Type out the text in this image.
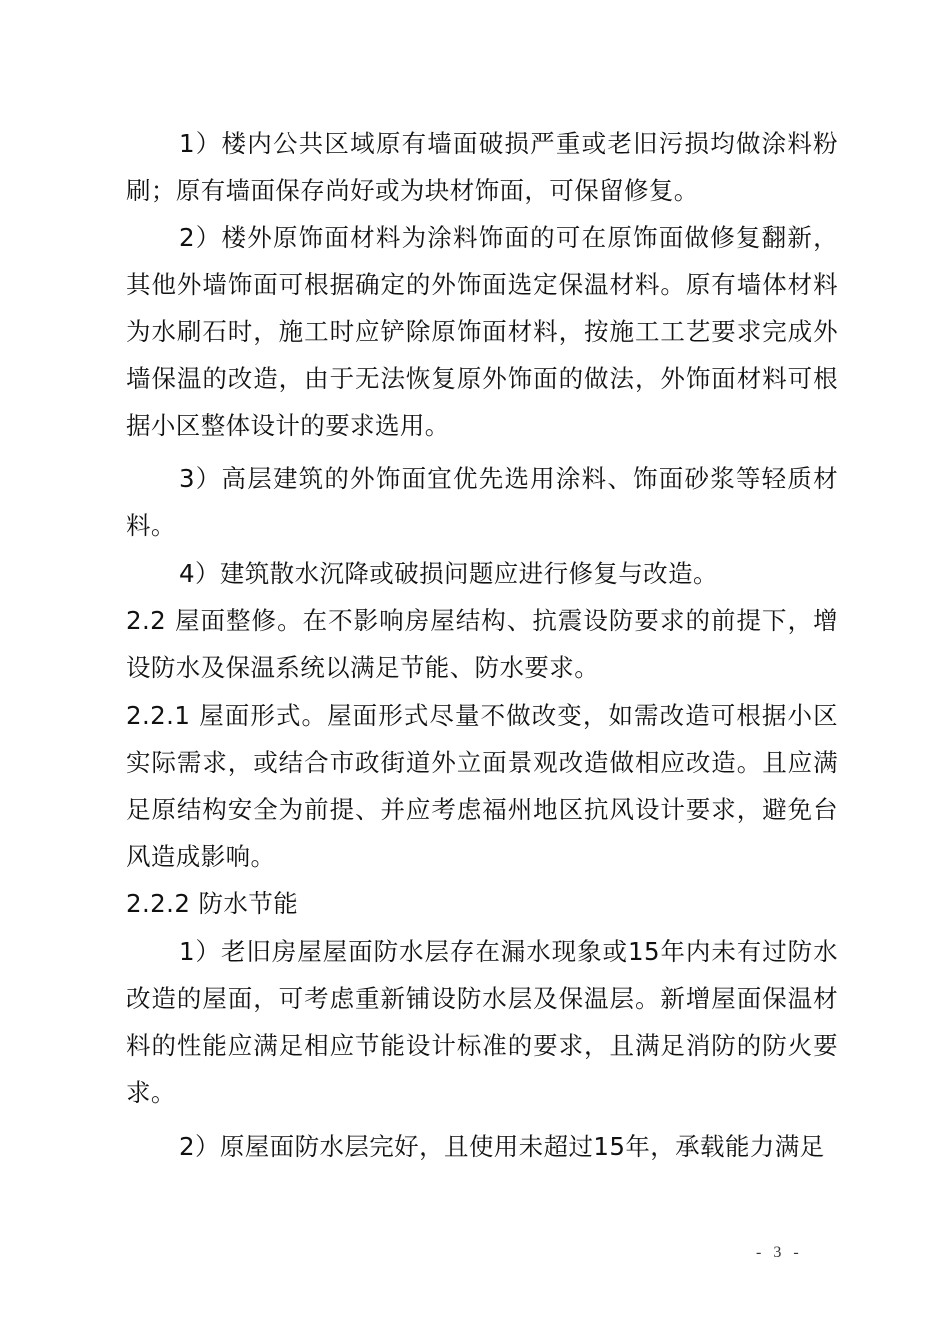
1）楼内公共区域原有墙面破损严重或老旧污损均做涂料粉刷；原有墙面保存尚好或为块材饰面，可保留修复。

2）楼外原饰面材料为涂料饰面的可在原饰面做修复翻新，其他外墙饰面可根据确定的外饰面选定保温材料。原有墙体材料为水刷石时，施工时应铲除原饰面材料，按施工工艺要求完成外墙保温的改造，由于无法恢复原外饰面的做法，外饰面材料可根据小区整体设计的要求选用。

3）高层建筑的外饰面宜优先选用涂料、饰面砂浆等轻质材料。

4）建筑散水沉降或破损问题应进行修复与改造。

2.2 屋面整修。在不影响房屋结构、抗震设防要求的前提下，增设防水及保温系统以满足节能、防水要求。

2.2.1 屋面形式。屋面形式尽量不做改变，如需改造可根据小区实际需求，或结合市政街道外立面景观改造做相应改造。且应满足原结构安全为前提、并应考虑福州地区抗风设计要求，避免台风造成影响。

2.2.2 防水节能

1）老旧房屋屋面防水层存在漏水现象或15年内未有过防水改造的屋面，可考虑重新铺设防水层及保温层。新增屋面保温材料的性能应满足相应节能设计标准的要求，且满足消防的防火要求。

2）原屋面防水层完好，且使用未超过15年，承载能力满足

- 3 -
